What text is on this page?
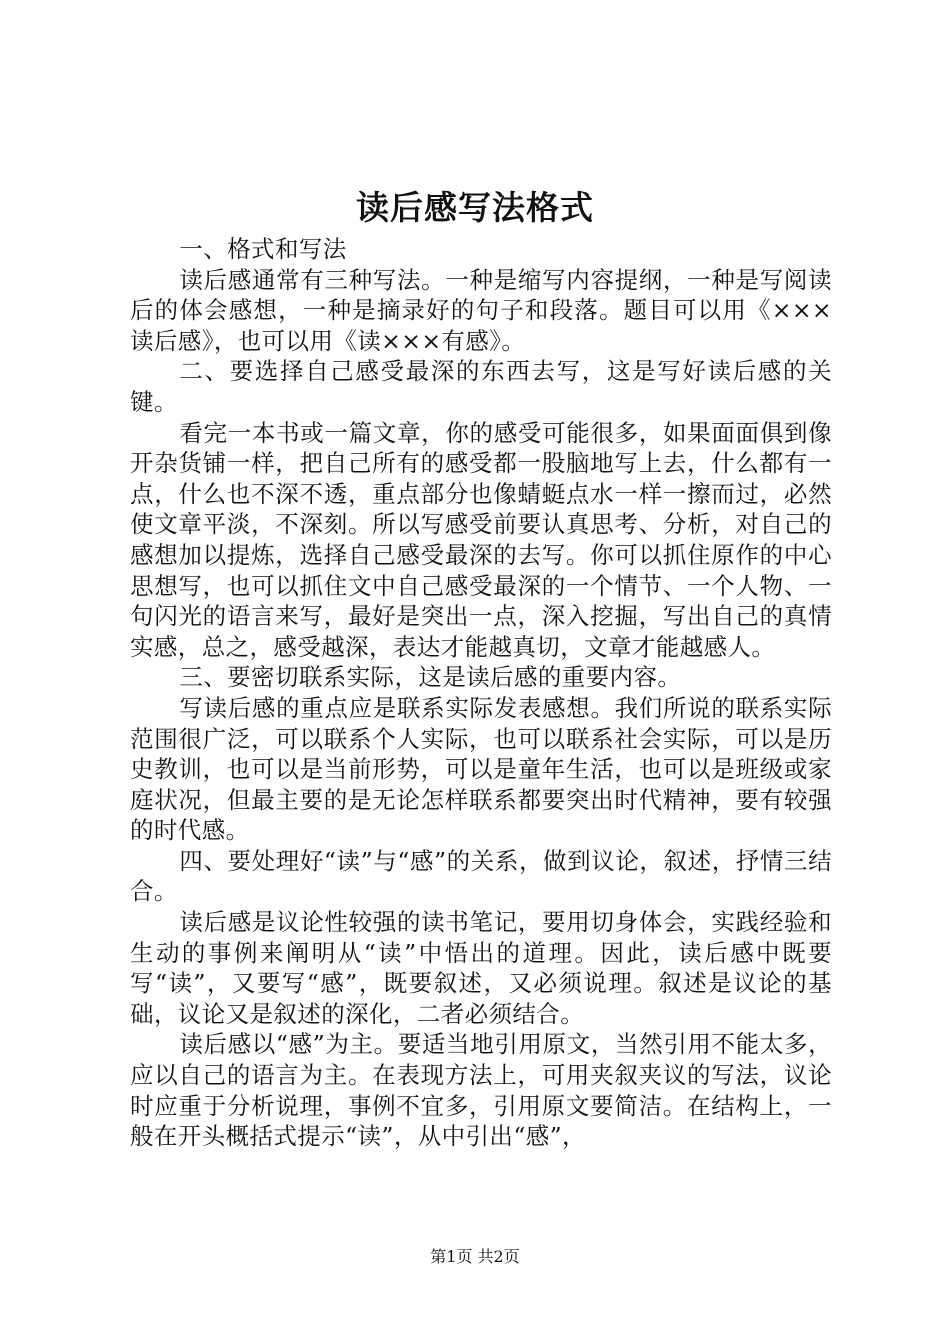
读后感写法格式

一、格式和写法

读后感通常有三种写法。一种是缩写内容提纲，一种是写阅读后的体会感想，一种是摘录好的句子和段落。题目可以用《×××读后感》，也可以用《读×××有感》。

二、要选择自己感受最深的东西去写，这是写好读后感的关键。

看完一本书或一篇文章，你的感受可能很多，如果面面俱到像开杂货铺一样，把自己所有的感受都一股脑地写上去，什么都有一点，什么也不深不透，重点部分也像蜻蜓点水一样一擦而过，必然使文章平淡，不深刻。所以写感受前要认真思考、分析，对自己的感想加以提炼，选择自己感受最深的去写。你可以抓住原作的中心思想写，也可以抓住文中自己感受最深的一个情节、一个人物、一句闪光的语言来写，最好是突出一点，深入挖掘，写出自己的真情实感，总之，感受越深，表达才能越真切，文章才能越感人。

三、要密切联系实际，这是读后感的重要内容。

写读后感的重点应是联系实际发表感想。我们所说的联系实际范围很广泛，可以联系个人实际，也可以联系社会实际，可以是历史教训，也可以是当前形势，可以是童年生活，也可以是班级或家庭状况，但最主要的是无论怎样联系都要突出时代精神，要有较强的时代感。

四、要处理好“读”与“感”的关系，做到议论，叙述，抒情三结合。

读后感是议论性较强的读书笔记，要用切身体会，实践经验和生动的事例来阐明从“读”中悟出的道理。因此，读后感中既要写“读”，又要写“感”，既要叙述，又必须说理。叙述是议论的基础，议论又是叙述的深化，二者必须结合。

读后感以“感”为主。要适当地引用原文，当然引用不能太多，应以自己的语言为主。在表现方法上，可用夹叙夹议的写法，议论时应重于分析说理，事例不宜多，引用原文要简洁。在结构上，一般在开头概括式提示“读”，从中引出“感”，

第1页 共2页
